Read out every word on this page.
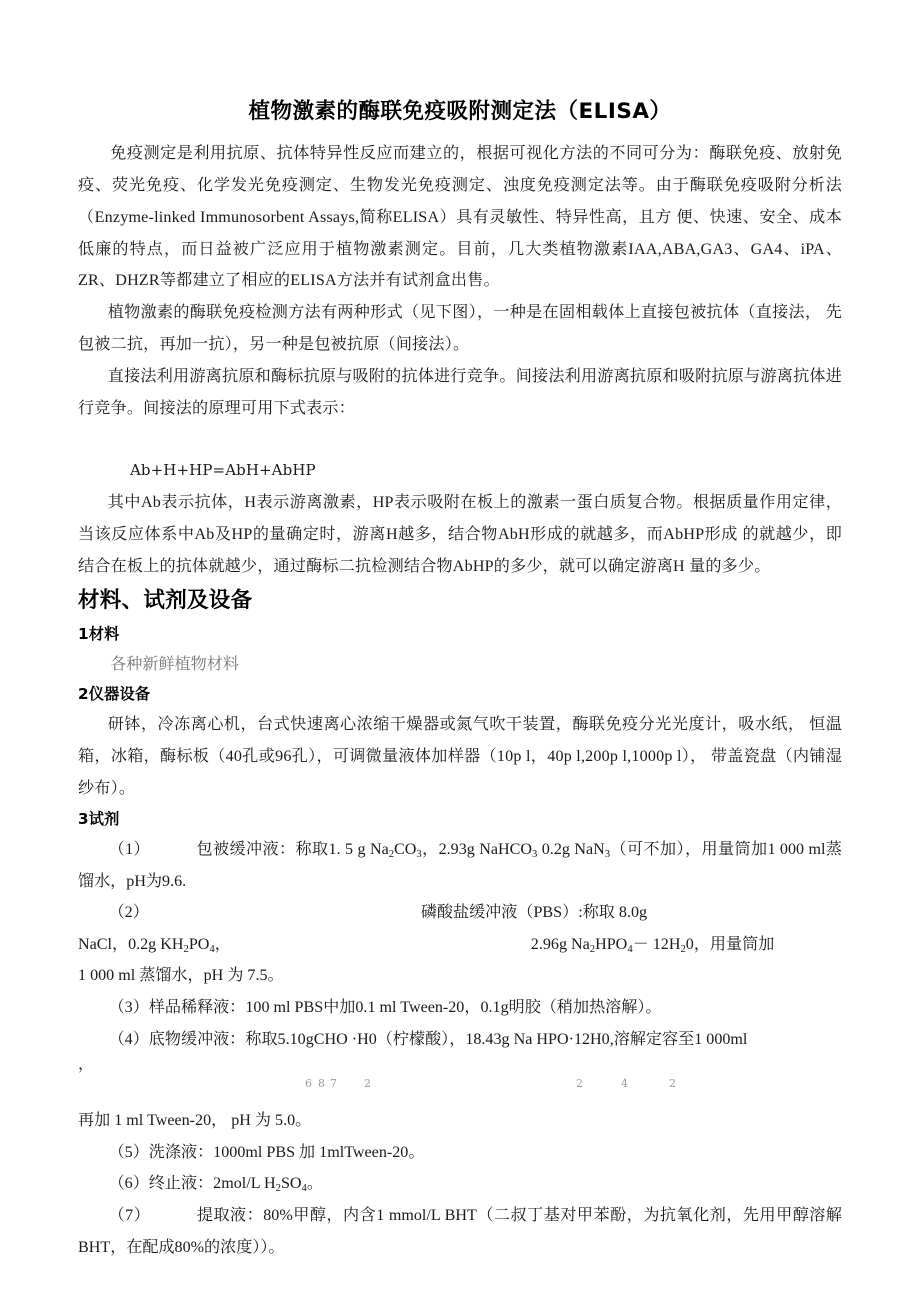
植物激素的酶联免疫吸附测定法（ELISA）

免疫测定是利用抗原、抗体特异性反应而建立的，根据可视化方法的不同可分为：酶联免疫、放射免疫、荧光免疫、化学发光免疫测定、生物发光免疫测定、浊度免疫测定法等。由于酶联免疫吸附分析法（Enzyme-linked Immunosorbent Assays,简称ELISA）具有灵敏性、特异性高，且方 便、快速、安全、成本低廉的特点，而日益被广泛应用于植物激素测定。目前，几大类植物激素IAA,ABA,GA3、GA4、iPA、ZR、DHZR等都建立了相应的ELISA方法并有试剂盒出售。

植物激素的酶联免疫检测方法有两种形式（见下图），一种是在固相载体上直接包被抗体（直接法， 先包被二抗，再加一抗），另一种是包被抗原（间接法）。

直接法利用游离抗原和酶标抗原与吸附的抗体进行竞争。间接法利用游离抗原和吸附抗原与游离抗体进行竞争。间接法的原理可用下式表示：

Ab+H+HP=AbH+AbHP

其中Ab表示抗体，H表示游离激素，HP表示吸附在板上的激素一蛋白质复合物。根据质量作用定律，当该反应体系中Ab及HP的量确定时，游离H越多，结合物AbH形成的就越多，而AbHP形成 的就越少，即结合在板上的抗体就越少，通过酶标二抗检测结合物AbHP的多少，就可以确定游离H 量的多少。

材料、试剂及设备
1材料

各种新鲜植物材料

2仪器设备

研钵，冷冻离心机，台式快速离心浓缩干燥器或氮气吹干装置，酶联免疫分光光度计，吸水纸， 恒温箱，冰箱，酶标板（40孔或96孔），可调微量液体加样器（10p l，40p l,200p l,1000p l）， 带盖瓷盘（内铺湿纱布）。

3试剂

（1）	包被缓冲液：称取1. 5 g $Na_2CO_3$，2.93g NaHCO$_3$ 0.2g NaN$_3$（可不加），用量筒加1 000 ml蒸馏水，pH为9.6.

（2）	磷酸盐缓冲液（PBS）:称取 8.0g

NaCl，0.2g $KH_2PO_4$，	2.96g $Na_2HPO_4- 12H_20$，用量筒加

1 000 ml 蒸馏水，pH 为 7.5。

（3）样品稀释液：100 ml PBS中加0.1 ml Tween-20，0.1g明胶（稍加热溶解）。

（4）底物缓冲液：称取5.10gCHO ·H0（柠檬酸），18.43g Na HPO·12H0,溶解定容至1 000ml

，

6 8 7 2	2	4	2

再加 1 ml Tween-20， pH 为 5.0。

（5）洗涤液：1000ml PBS 加 1mlTween-20。

（6）终止液：2mol/L $H_2SO_4$。

（7）	提取液：80%甲醇，内含1 mmol/L BHT（二叔丁基对甲苯酚，为抗氧化剂，先用甲醇溶解 BHT，在配成80%的浓度））。
